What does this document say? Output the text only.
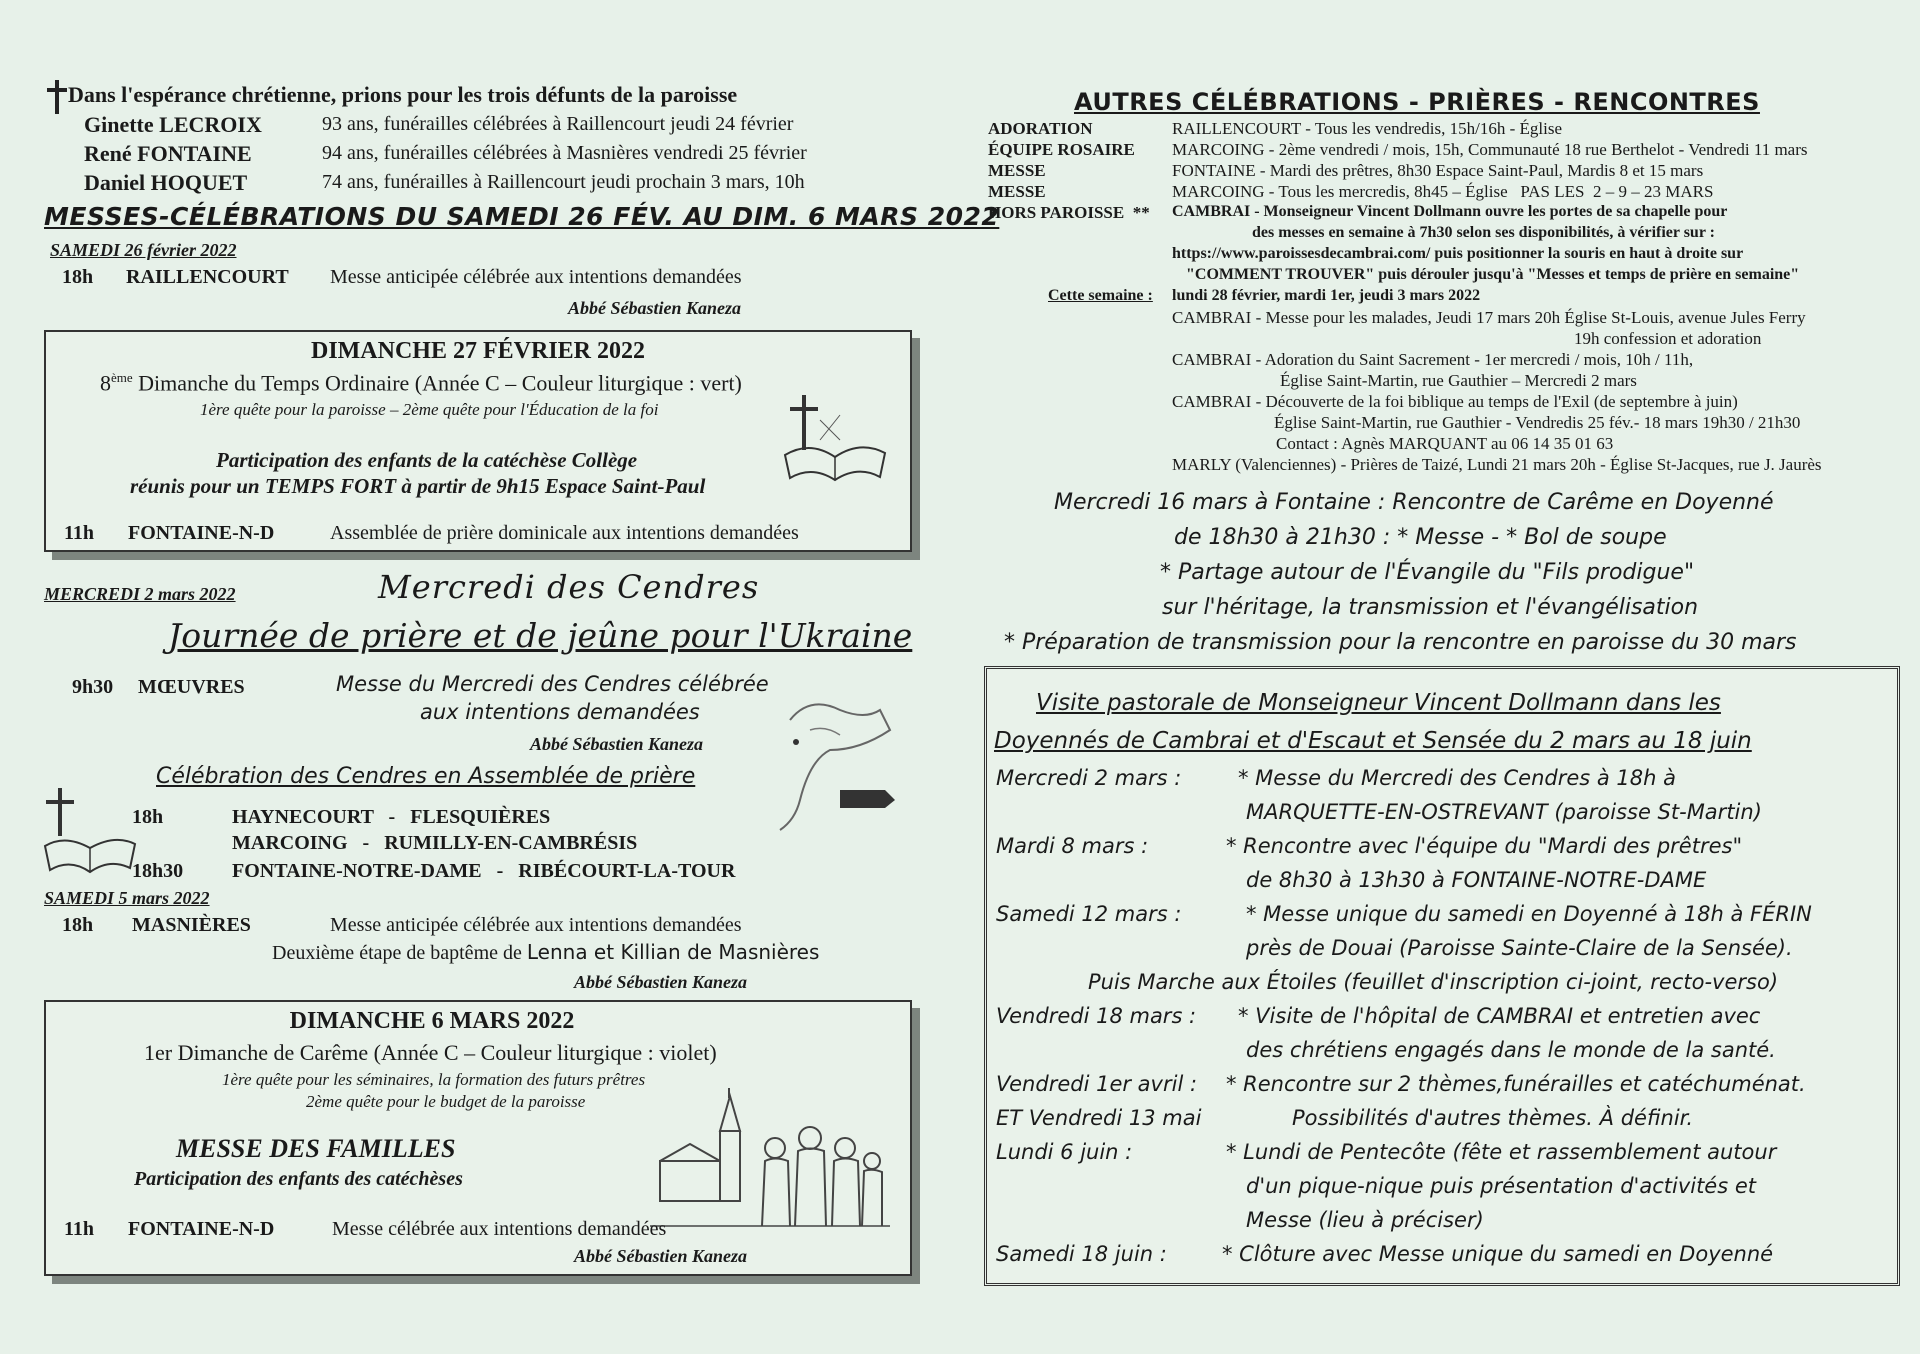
Dans l'espérance chrétienne, prions pour les trois défunts de la paroisse
Ginette LECROIX	93 ans, funérailles célébrées à Raillencourt jeudi 24 février
René FONTAINE	94 ans, funérailles célébrées à Masnières vendredi 25 février
Daniel HOQUET	74 ans, funérailles à Raillencourt jeudi prochain 3 mars, 10h
MESSES-CÉLÉBRATIONS DU SAMEDI 26 FÉV. AU DIM. 6 MARS 2022
SAMEDI 26 février 2022
18h RAILLENCOURT Messe anticipée célébrée aux intentions demandées
Abbé Sébastien Kaneza
DIMANCHE 27 FÉVRIER 2022
8ème Dimanche du Temps Ordinaire (Année C – Couleur liturgique : vert)
1ère quête pour la paroisse – 2ème quête pour l'Éducation de la foi
Participation des enfants de la catéchèse Collège
réunis pour un TEMPS FORT à partir de 9h15 Espace Saint-Paul
11h FONTAINE-N-D	Assemblée de prière dominicale aux intentions demandées
MERCREDI 2 mars 2022	Mercredi des Cendres
Journée de prière et de jeûne pour l'Ukraine
9h30 MŒUVRES	Messe du Mercredi des Cendres célébrée
aux intentions demandées
Abbé Sébastien Kaneza
Célébration des Cendres en Assemblée de prière
18h	HAYNECOURT   -   FLESQUIÈRES
MARCOING   -   RUMILLY-EN-CAMBRÉSIS
18h30 FONTAINE-NOTRE-DAME   -   RIBÉCOURT-LA-TOUR
SAMEDI 5 mars 2022
18h MASNIÈRES	Messe anticipée célébrée aux intentions demandées
Deuxième étape de baptême de Lenna et Killian de Masnières
Abbé Sébastien Kaneza
DIMANCHE 6 MARS 2022
1er Dimanche de Carême (Année C – Couleur liturgique : violet)
1ère quête pour les séminaires, la formation des futurs prêtres
2ème quête pour le budget de la paroisse
MESSE DES FAMILLES
Participation des enfants des catéchèses
11h FONTAINE-N-D	Messe célébrée aux intentions demandées
Abbé Sébastien Kaneza
AUTRES CÉLÉBRATIONS - PRIÈRES - RENCONTRES
ADORATION	RAILLENCOURT - Tous les vendredis, 15h/16h - Église
ÉQUIPE ROSAIRE MARCOING - 2ème vendredi / mois, 15h, Communauté 18 rue Berthelot - Vendredi 11 mars
MESSE	FONTAINE - Mardi des prêtres, 8h30 Espace Saint-Paul, Mardis 8 et 15 mars
MESSE	MARCOING - Tous les mercredis, 8h45 – Église   PAS LES  2 – 9 – 23 MARS
HORS PAROISSE  ** CAMBRAI - Monseigneur Vincent Dollmann ouvre les portes de sa chapelle pour
des messes en semaine à 7h30 selon ses disponibilités, à vérifier sur :
https://www.paroissesdecambrai.com/ puis positionner la souris en haut à droite sur
"COMMENT TROUVER" puis dérouler jusqu'à "Messes et temps de prière en semaine"
Cette semaine : lundi 28 février, mardi 1er, jeudi 3 mars 2022
CAMBRAI - Messe pour les malades, Jeudi 17 mars 20h Église St-Louis, avenue Jules Ferry
19h confession et adoration
CAMBRAI - Adoration du Saint Sacrement - 1er mercredi / mois, 10h / 11h,
Église Saint-Martin, rue Gauthier – Mercredi 2 mars
CAMBRAI - Découverte de la foi biblique au temps de l'Exil (de septembre à juin)
Église Saint-Martin, rue Gauthier - Vendredis 25 fév.- 18 mars 19h30 / 21h30
Contact : Agnès MARQUANT au 06 14 35 01 63
MARLY (Valenciennes) - Prières de Taizé, Lundi 21 mars 20h - Église St-Jacques, rue J. Jaurès
Mercredi 16 mars à Fontaine : Rencontre de Carême en Doyenné
de 18h30 à 21h30 : * Messe - * Bol de soupe
* Partage autour de l'Évangile du "Fils prodigue"
sur l'héritage, la transmission et l'évangélisation
* Préparation de transmission pour la rencontre en paroisse du 30 mars
Visite pastorale de Monseigneur Vincent Dollmann dans les
Doyennés de Cambrai et d'Escaut et Sensée du 2 mars au 18 juin
Mercredi 2 mars :	* Messe du Mercredi des Cendres à 18h à
MARQUETTE-EN-OSTREVANT (paroisse St-Martin)
Mardi 8 mars :	* Rencontre avec l'équipe du "Mardi des prêtres"
de 8h30 à 13h30 à FONTAINE-NOTRE-DAME
Samedi 12 mars :	* Messe unique du samedi en Doyenné à 18h à FÉRIN
près de Douai (Paroisse Sainte-Claire de la Sensée).
Puis Marche aux Étoiles (feuillet d'inscription ci-joint, recto-verso)
Vendredi 18 mars : * Visite de l'hôpital de CAMBRAI et entretien avec
des chrétiens engagés dans le monde de la santé.
Vendredi 1er avril : * Rencontre sur 2 thèmes,funérailles et catéchuménat.
ET Vendredi 13 mai	Possibilités d'autres thèmes. À définir.
Lundi 6 juin :	* Lundi de Pentecôte (fête et rassemblement autour
d'un pique-nique puis présentation d'activités et
Messe (lieu à préciser)
Samedi 18 juin :	* Clôture avec Messe unique du samedi en Doyenné
